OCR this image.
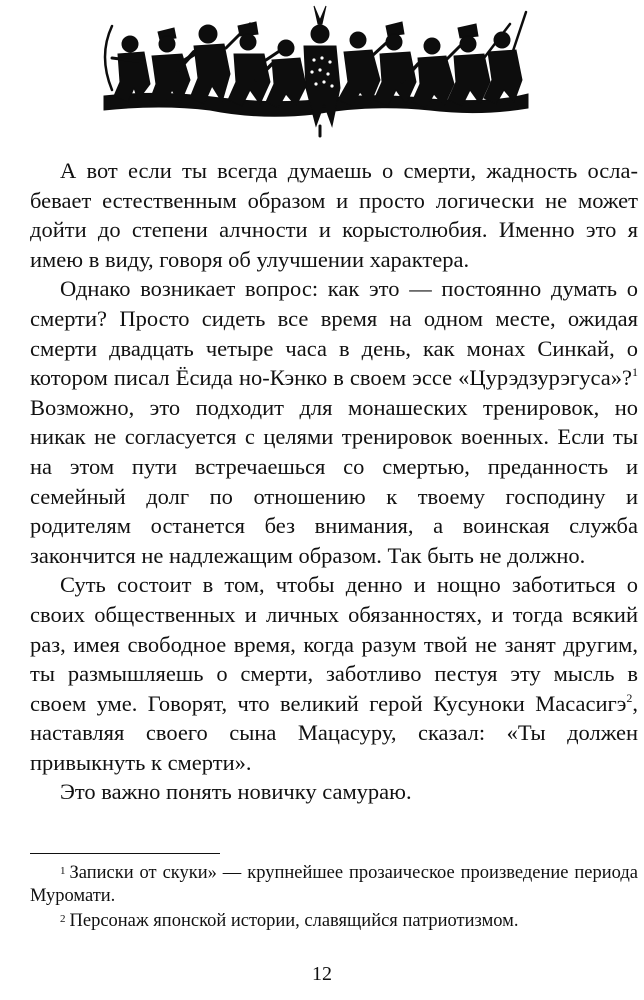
А вот если ты всегда думаешь о смерти, жадность ослабевает естественным образом и просто логически не может дойти до степени алчности и корыстолюбия. Именно это я имею в виду, говоря об улучшении характера.

Однако возникает вопрос: как это — постоянно думать о смерти? Просто сидеть все время на одном месте, ожидая смерти двадцать четыре часа в день, как монах Синкай, о котором писал Ёсида но-Кэнко в своем эссе «Цурэдзурэгуса»?$^1$ Возможно, это подходит для монашеских тренировок, но никак не согласуется с целями тренировок военных. Если ты на этом пути встречаешься со смертью, преданность и семейный долг по отношению к твоему господину и родителям останется без внимания, а воинская служба закончится не надлежащим образом. Так быть не должно.

Суть состоит в том, чтобы денно и нощно заботиться о своих общественных и личных обязанностях, и тогда всякий раз, имея свободное время, когда разум твой не занят другим, ты размышляешь о смерти, заботливо пестуя эту мысль в своем уме. Говорят, что великий герой Кусуноки Масасигэ$^2$, наставляя своего сына Мацасуру, сказал: «Ты должен привыкнуть к смерти».

Это важно понять новичку самураю.

$^1$ Записки от скуки» — крупнейшее прозаическое произведение периода Муромати.

$^2$ Персонаж японской истории, славящийся патриотизмом.

12
